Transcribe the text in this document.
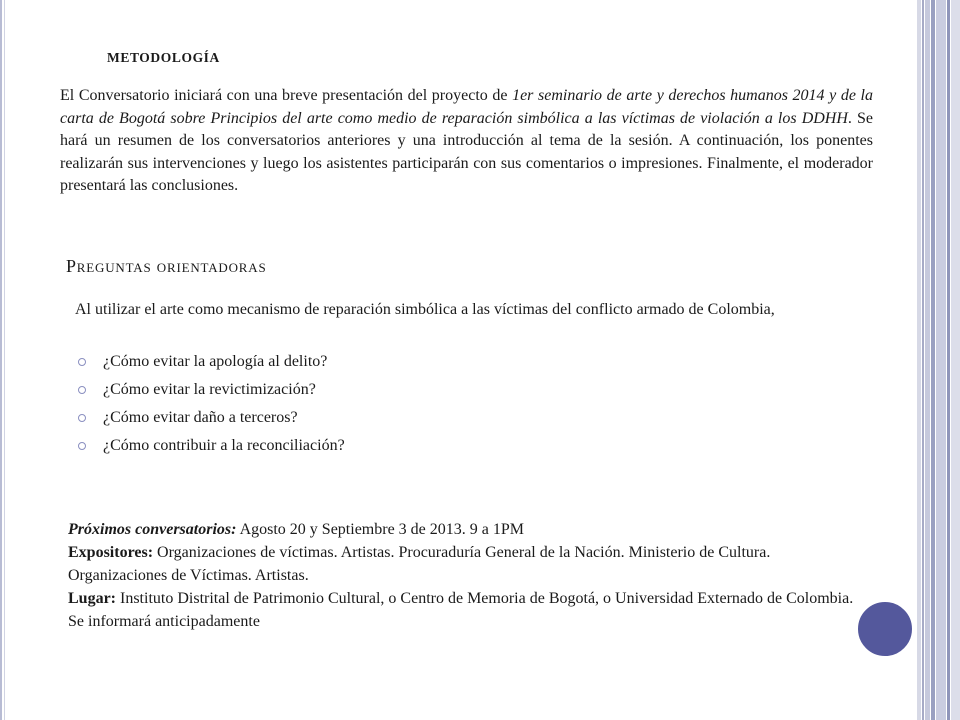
METODOLOGÍA
El Conversatorio iniciará con una breve presentación del proyecto de 1er seminario de arte y derechos humanos 2014 y de la carta de Bogotá sobre Principios del arte como medio de reparación simbólica a las víctimas de violación a los DDHH. Se hará un resumen de los conversatorios anteriores y una introducción al tema de la sesión. A continuación, los ponentes realizarán sus intervenciones y luego los asistentes participarán con sus comentarios o impresiones. Finalmente, el moderador presentará las conclusiones.
Preguntas orientadoras
Al utilizar el arte como mecanismo de reparación simbólica a las víctimas del conflicto armado de Colombia,
¿Cómo evitar la apología al delito?
¿Cómo evitar la revictimización?
¿Cómo evitar daño a terceros?
¿Cómo contribuir a la reconciliación?
Próximos conversatorios: Agosto 20 y Septiembre 3 de 2013. 9 a 1PM
Expositores: Organizaciones de víctimas. Artistas. Procuraduría General de la Nación. Ministerio de Cultura. Organizaciones de Víctimas. Artistas.
Lugar: Instituto Distrital de Patrimonio Cultural, o Centro de Memoria de Bogotá, o Universidad Externado de Colombia. Se informará anticipadamente
